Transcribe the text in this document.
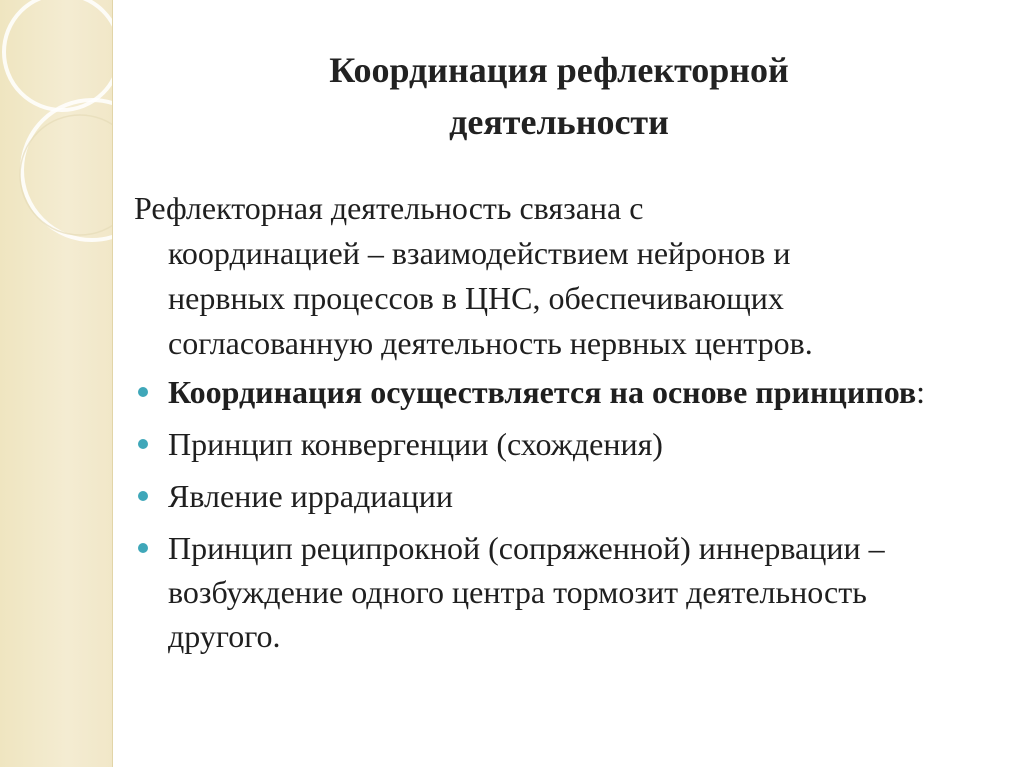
Координация рефлекторной
деятельности

Рефлекторная деятельность связана с
координацией – взаимодействием нейронов и
нервных процессов в ЦНС, обеспечивающих
согласованную деятельность нервных центров.

Координация осуществляется на основе принципов:
Принцип конвергенции (схождения)
Явление иррадиации
Принцип реципрокной (сопряженной) иннервации – возбуждение одного центра тормозит деятельность другого.
